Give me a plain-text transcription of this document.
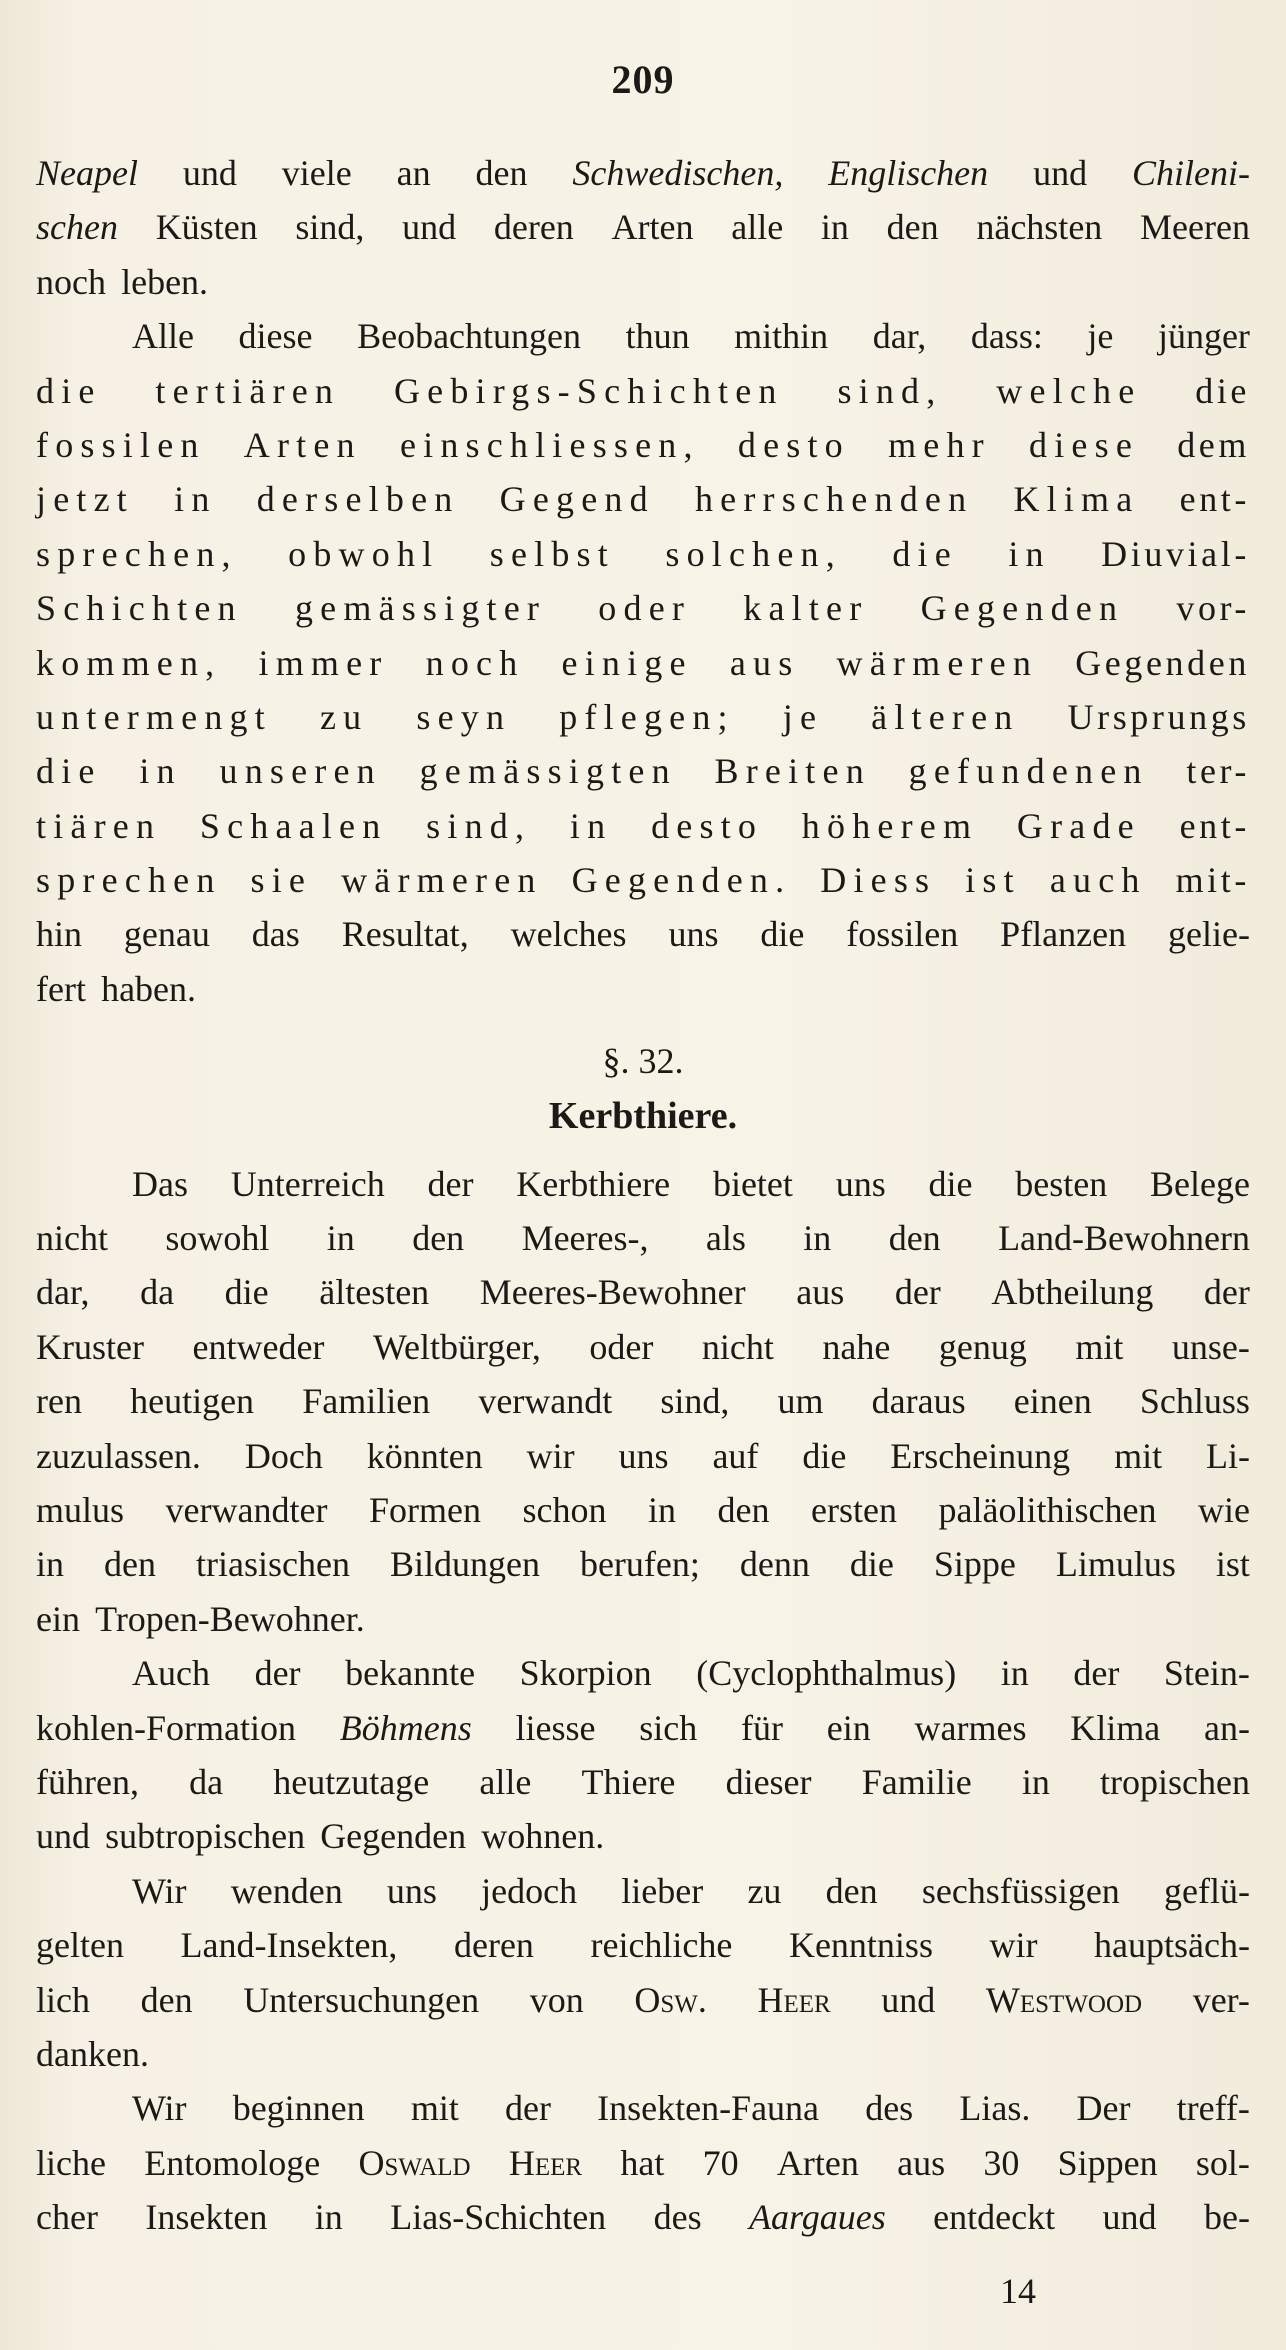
209
Neapel und viele an den Schwedischen, Englischen und Chileni-
schen Küsten sind, und deren Arten alle in den nächsten Meeren
noch leben.
Alle diese Beobachtungen thun mithin dar, dass: je jünger
die tertiären Gebirgs-Schichten sind, welche die
fossilen Arten einschliessen, desto mehr diese dem
jetzt in derselben Gegend herrschenden Klima ent-
sprechen, obwohl selbst solchen, die in Diuvial-
Schichten gemässigter oder kalter Gegenden vor-
kommen, immer noch einige aus wärmeren Gegenden
untermengt zu seyn pflegen; je älteren Ursprungs
die in unseren gemässigten Breiten gefundenen ter-
tiären Schaalen sind, in desto höherem Grade ent-
sprechen sie wärmeren Gegenden. Diess ist auch mit-
hin genau das Resultat, welches uns die fossilen Pflanzen gelie-
fert haben.
§. 32.
Kerbthiere.
Das Unterreich der Kerbthiere bietet uns die besten Belege
nicht sowohl in den Meeres-, als in den Land-Bewohnern
dar, da die ältesten Meeres-Bewohner aus der Abtheilung der
Kruster entweder Weltbürger, oder nicht nahe genug mit unse-
ren heutigen Familien verwandt sind, um daraus einen Schluss
zuzulassen. Doch könnten wir uns auf die Erscheinung mit Li-
mulus verwandter Formen schon in den ersten paläolithischen wie
in den triasischen Bildungen berufen; denn die Sippe Limulus ist
ein Tropen-Bewohner.
Auch der bekannte Skorpion (Cyclophthalmus) in der Stein-
kohlen-Formation Böhmens liesse sich für ein warmes Klima an-
führen, da heutzutage alle Thiere dieser Familie in tropischen
und subtropischen Gegenden wohnen.
Wir wenden uns jedoch lieber zu den sechsfüssigen geflü-
gelten Land-Insekten, deren reichliche Kenntniss wir hauptsäch-
lich den Untersuchungen von Osw. Heer und Westwood ver-
danken.
Wir beginnen mit der Insekten-Fauna des Lias. Der treff-
liche Entomologe Oswald Heer hat 70 Arten aus 30 Sippen sol-
cher Insekten in Lias-Schichten des Aargaues entdeckt und be-
14
